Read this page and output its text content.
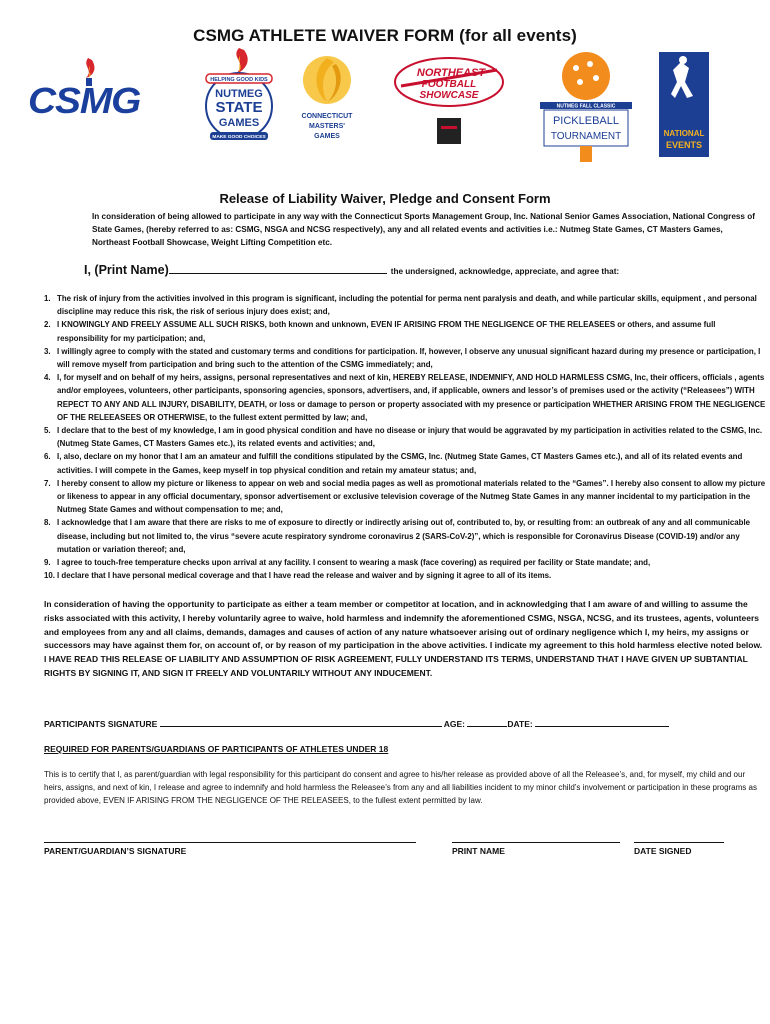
CSMG ATHLETE WAIVER FORM (for all events)
CSMG	HELPING GOOD KIDS
NUTMEG
STATE
GAMES
MAKE GOOD CHOICES
CONNECTICUT
MASTERS'
GAMES
NORTHEAST
FOOTBALL
SHOWCASE
NUTMEG FALL CLASSIC
PICKLEBALL
TOURNAMENT	NATIONAL
EVENTS
Release of Liability Waiver, Pledge and Consent Form
In consideration of being allowed to participate in any way with the Connecticut Sports Management Group, Inc. National Senior Games Association, National Congress of State Games, (hereby referred to as: CSMG, NSGA and NCSG respectively), any and all related events and activities i.e.: Nutmeg State Games, CT Masters Games, Northeast Football Showcase, Weight Lifting Competition etc.
I, (Print Name)	the undersigned, acknowledge, appreciate, and agree that:
1. The risk of injury from the activities involved in this program is significant, including the potential for perma nent paralysis and death, and while particular skills, equipment , and personal discipline may reduce this risk, the risk of serious injury does exist; and,
2. I KNOWINGLY AND FREELY ASSUME ALL SUCH RISKS, both known and unknown, EVEN IF ARISING FROM THE NEGLIGENCE OF THE RELEASEES or others, and assume full responsibility for my participation; and,
3. I willingly agree to comply with the stated and customary terms and conditions for participation. If, however, I observe any unusual significant hazard during my presence or participation, I will remove myself from participation and bring such to the attention of the CSMG immediately; and,
4. I, for myself and on behalf of my heirs, assigns, personal representatives and next of kin, HEREBY RELEASE, INDEMNIFY, AND HOLD HARMLESS CSMG, Inc, their officers, officials , agents and/or employees, volunteers, other participants, sponsoring agencies, sponsors, advertisers, and, if applicable, owners and lessor’s of premises used or the activity (“Releasees”) WITH REPECT TO ANY AND ALL INJURY, DISABILITY, DEATH, or loss or damage to person or property associated with my presence or participation WHETHER ARISING FROM THE NEGLIGENCE OF THE RELEEASEES OR OTHERWISE, to the fullest extent permitted by law; and,
5. I declare that to the best of my knowledge, I am in good physical condition and have no disease or injury that would be aggravated by my participation in activities related to the CSMG, Inc. (Nutmeg State Games, CT Masters Games etc.), its related events and activities; and,
6. I, also, declare on my honor that I am an amateur and fulfill the conditions stipulated by the CSMG, Inc. (Nutmeg State Games, CT Masters Games etc.), and all of its related events and activities. I will compete in the Games, keep myself in top physical condition and retain my amateur status; and,
7. I hereby consent to allow my picture or likeness to appear on web and social media pages as well as promotional materials related to the “Games”. I hereby also consent to allow my picture or likeness to appear in any official documentary, sponsor advertisement or exclusive television coverage of the Nutmeg State Games in any manner incidental to my participation in the Nutmeg State Games and without compensation to me; and,
8. I acknowledge that I am aware that there are risks to me of exposure to directly or indirectly arising out of, contributed to, by, or resulting from: an outbreak of any and all communicable disease, including but not limited to, the virus “severe acute respiratory syndrome coronavirus 2 (SARS-CoV-2)”, which is responsible for Coronavirus Disease (COVID-19) and/or any mutation or variation thereof; and,
9. I agree to touch-free temperature checks upon arrival at any facility. I consent to wearing a mask (face covering) as required per facility or State mandate; and,
10. I declare that I have personal medical coverage and that I have read the release and waiver and by signing it agree to all of its items.
In consideration of having the opportunity to participate as either a team member or competitor at location, and in acknowledging that I am aware of and willing to assume the risks associated with this activity, I hereby voluntarily agree to waive, hold harmless and indemnify the aforementioned CSMG, NSGA, NCSG, and its trustees, agents, volunteers and employees from any and all claims, demands, damages and causes of action of any nature whatsoever arising out of ordinary negligence which I, my heirs, my assigns or successors may have against them for, on account of, or by reason of my participation in the above activities. I indicate my agreement to this hold harmless elective noted below.
I HAVE READ THIS RELEASE OF LIABILITY AND ASSUMPTION OF RISK AGREEMENT, FULLY UNDERSTAND ITS TERMS, UNDERSTAND THAT I HAVE GIVEN UP SUBTANTIAL RIGHTS BY SIGNING IT, AND SIGN IT FREELY AND VOLUNTARILY WITHOUT ANY INDUCEMENT.
PARTICIPANTS SIGNATURE	AGE:	DATE:
REQUIRED FOR PARENTS/GUARDIANS OF PARTICIPANTS OF ATHLETES UNDER 18
This is to certify that I, as parent/guardian with legal responsibility for this participant do consent and agree to his/her release as provided above of all the Releasee’s, and, for myself, my child and our heirs, assigns, and next of kin, I release and agree to indemnify and hold harmless the Releasee’s from any and all liabilities incident to my minor child’s involvement or participation in these programs as provided above, EVEN IF ARISING FROM THE NEGLIGENCE OF THE RELEASEES, to the fullest extent permitted by law.
PARENT/GUARDIAN’S SIGNATURE	PRINT NAME	DATE SIGNED
